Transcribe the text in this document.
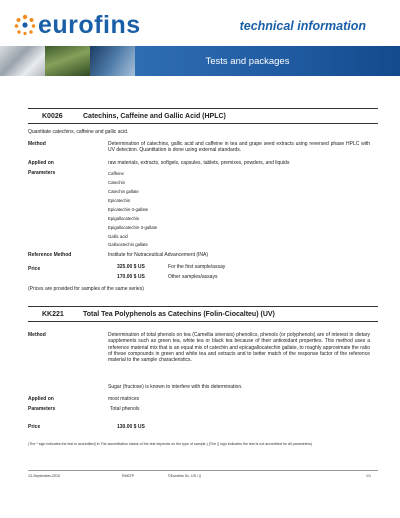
eurofins	technical information
Tests and packages
K0026	Catechins, Caffeine and Gallic Acid (HPLC)
Quantitate catechins, caffeine and gallic acid.
Method	Determination of catechins, gallic acid and caffeine in tea and grape seed extracts using reversed phase HPLC with UV detection. Quantitation is done using external standards.
Applied on	raw materials, extracts, softgels, capsules, tablets, premixes, powders, and liquids
Parameters	Caffeine
Catechin
Catechin gallate
Epicatechin
Epicatechin-3-gallate
Epigallocatechin
Epigallocatechin-3-gallate
Gallic acid
Gallocatechin gallate
Reference Method	Institute for Nutraceutical Advancement (INA)
Price	325.00 $ US	For the first sample/assay
170.00 $ US	Other samples/assays
(Prices are provided for samples of the same series)
KK221	Total Tea Polyphenols as Catechins (Folin-Ciocalteu) (UV)
Method	Determination of total phenols on tea (Camellia sinensis) phenolics, phenols (or polyphenols) are of interest in dietary supplements such as green tea, white tea or black tea because of their antioxidant properties. This method uses a reference material mix that is an equal mix of catechin and epicagallocatechin gallate, to roughly approximate the ratio of these compounds in green and white tea and extracts and to better match of the response factor of the reference material to the sample characteristics.
Sugar (fructose) is known to interfere with this determination.
Applied on	most matrices
Parameters	Total phenols
Price	130.00 $ US
(The * sign indicates the test is accredited) in The accreditation status of the test depends on the type of sample.) (The § sign indicates the test is not accredited for all parameters)
13-September-2010	RM0TP	©Eurofins Sc. US / §	1/1
